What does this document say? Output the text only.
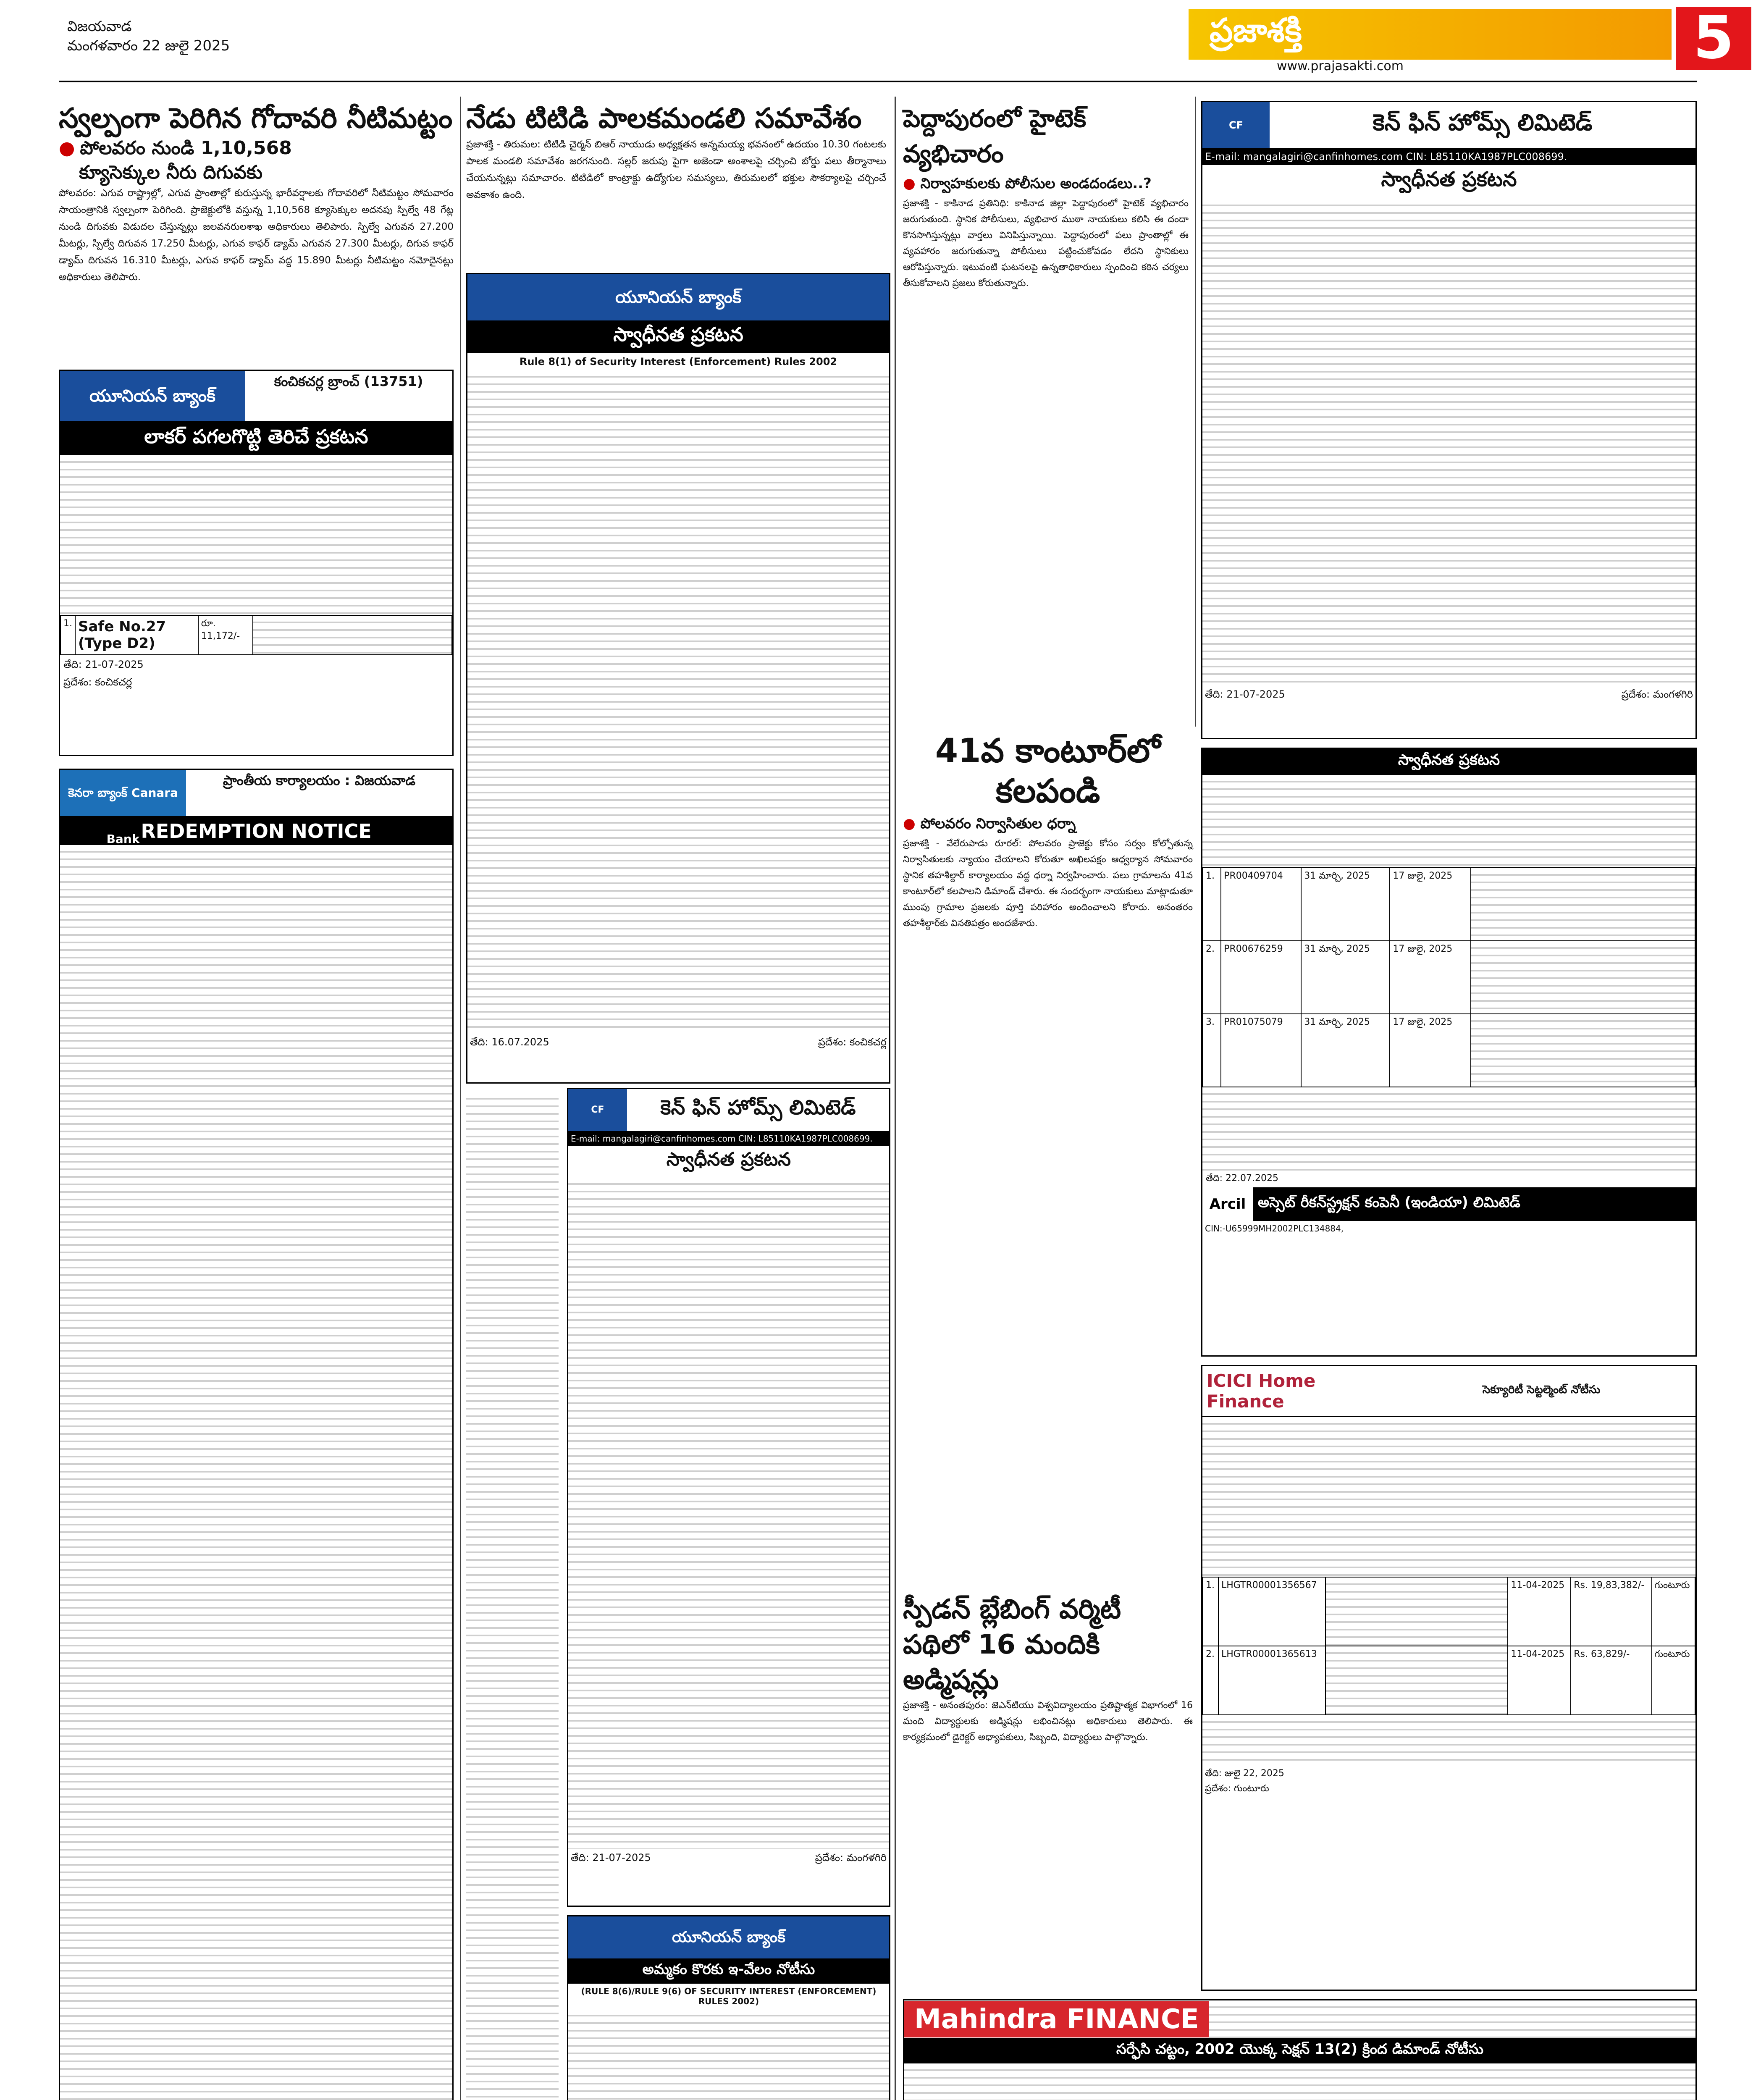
విజయవాడ
మంగళవారం 22 జులై 2025	ప్రజాశక్తి
www.prajasakti.com	5
స్వల్పంగా పెరిగిన గోదావరి నీటిమట్టం
● పోలవరం నుండి 1,10,568
క్యూసెక్కుల నీరు దిగువకు
పోలవరం: ఎగువ రాష్ట్రాల్లో, ఎగువ ప్రాంతాల్లో కురుస్తున్న భారీవర్షాలకు గోదావరిలో నీటిమట్టం సోమవారం సాయంత్రానికి స్వల్పంగా పెరిగింది. ప్రాజెక్టులోకి వస్తున్న 1,10,568 క్యూసెక్కుల అదనపు స్పిల్వే 48 గేట్ల నుండి దిగువకు విడుదల చేస్తున్నట్లు జలవనరులశాఖ అధికారులు తెలిపారు. స్పిల్వే ఎగువన 27.200 మీటర్లు, స్పిల్వే దిగువన 17.250 మీటర్లు, ఎగువ కాఫర్ డ్యామ్ ఎగువన 27.300 మీటర్లు, దిగువ కాఫర్ డ్యామ్ దిగువన 16.310 మీటర్లు, ఎగువ కాఫర్ డ్యామ్ వద్ద 15.890 మీటర్లు నీటిమట్టం నమోదైనట్లు అధికారులు తెలిపారు.
యూనియన్ బ్యాంక్
కంచికచర్ల బ్రాంచ్ (13751)
లాకర్ పగలగొట్టి తెరిచే ప్రకటన
1.	Safe No.27 (Type D2)	రూ. 11,172/-	
తేది: 21-07-2025
ప్రదేశం: కంచికచర్ల
కెనరా బ్యాంక్ Canara Bank
ప్రాంతీయ కార్యాలయం : విజయవాడ
REDEMPTION NOTICE
నేడు టిటిడి పాలకమండలి సమావేశం
ప్రజాశక్తి - తిరుమల: టిటిడి చైర్మన్ బిఆర్ నాయుడు అధ్యక్షతన అన్నమయ్య భవనంలో ఉదయం 10.30 గంటలకు పాలక మండలి సమావేశం జరగనుంది. సల్లర్ జరుపు పైగా అజెండా అంశాలపై చర్చించి బోర్డు పలు తీర్మానాలు చేయనున్నట్లు సమాచారం. టిటిడిలో కాంట్రాక్టు ఉద్యోగుల సమస్యలు, తిరుమలలో భక్తుల సౌకర్యాలపై చర్చించే అవకాశం ఉంది.
యూనియన్ బ్యాంక్
స్వాధీనత ప్రకటన
Rule 8(1) of Security Interest (Enforcement) Rules 2002
తేది: 16.07.2025	ప్రదేశం: కంచికచర్ల
CF	కెన్ ఫిన్ హోమ్స్ లిమిటెడ్
E-mail: mangalagiri@canfinhomes.com CIN: L85110KA1987PLC008699.
స్వాధీనత ప్రకటన
తేది: 21-07-2025	ప్రదేశం: మంగళగిరి
యూనియన్ బ్యాంక్
అమ్మకం కొరకు ఇ-వేలం నోటీసు
(RULE 8(6)/RULE 9(6) OF SECURITY INTEREST (ENFORCEMENT) RULES 2002)
పెద్దాపురంలో హైటెక్ వ్యభిచారం
● నిర్వాహకులకు పోలీసుల అండదండలు..?
ప్రజాశక్తి - కాకినాడ ప్రతినిధి: కాకినాడ జిల్లా పెద్దాపురంలో హైటెక్ వ్యభిచారం జరుగుతుంది. స్థానిక పోలీసులు, వ్యభిచార ముఠా నాయకులు కలిసి ఈ దందా కొనసాగిస్తున్నట్లు వార్తలు వినిపిస్తున్నాయి. పెద్దాపురంలో పలు ప్రాంతాల్లో ఈ వ్యవహారం జరుగుతున్నా పోలీసులు పట్టించుకోవడం లేదని స్థానికులు ఆరోపిస్తున్నారు. ఇటువంటి ఘటనలపై ఉన్నతాధికారులు స్పందించి కఠిన చర్యలు తీసుకోవాలని ప్రజలు కోరుతున్నారు.
41వ కాంటూర్‌లో కలపండి
● పోలవరం నిర్వాసితుల ధర్నా
ప్రజాశక్తి - వేలేరుపాడు రూరల్: పోలవరం ప్రాజెక్టు కోసం సర్వం కోల్పోతున్న నిర్వాసితులకు న్యాయం చేయాలని కోరుతూ అఖిలపక్షం ఆధ్వర్యాన సోమవారం స్థానిక తహశీల్దార్ కార్యాలయం వద్ద ధర్నా నిర్వహించారు. పలు గ్రామాలను 41వ కాంటూర్‌లో కలపాలని డిమాండ్ చేశారు. ఈ సందర్భంగా నాయకులు మాట్లాడుతూ ముంపు గ్రామాల ప్రజలకు పూర్తి పరిహారం అందించాలని కోరారు. అనంతరం తహశీల్దార్‌కు వినతిపత్రం అందజేశారు.
స్పీడన్ బ్లేబింగ్ వర్మిటీ పథిలో 16 మందికి అడ్మిషన్లు
ప్రజాశక్తి - అనంతపురం: జెఎన్‌టియు విశ్వవిద్యాలయం ప్రతిష్టాత్మక విభాగంలో 16 మంది విద్యార్థులకు అడ్మిషన్లు లభించినట్లు అధికారులు తెలిపారు. ఈ కార్యక్రమంలో డైరెక్టర్ అధ్యాపకులు, సిబ్బంది, విద్యార్థులు పాల్గొన్నారు.
CF	కెన్ ఫిన్ హోమ్స్ లిమిటెడ్
E-mail: mangalagiri@canfinhomes.com CIN: L85110KA1987PLC008699.
స్వాధీనత ప్రకటన
తేది: 21-07-2025	ప్రదేశం: మంగళగిరి
స్వాధీనత ప్రకటన
1.	PR00409704	31 మార్చి, 2025	17 జులై, 2025	
2.	PR00676259	31 మార్చి, 2025	17 జులై, 2025	
3.	PR01075079	31 మార్చి, 2025	17 జులై, 2025	
తేది: 22.07.2025
Arcil అస్సెట్ రీకన్‌స్ట్రక్షన్ కంపెనీ (ఇండియా) లిమిటెడ్
CIN:-U65999MH2002PLC134884,
ICICI Home Finance
సెక్యూరిటీ సెట్టల్మెంట్ నోటీసు
1.	LHGTR00001356567		11-04-2025	Rs. 19,83,382/-	గుంటూరు
2.	LHGTR00001365613		11-04-2025	Rs. 63,829/-	గుంటూరు
తేది: జులై 22, 2025
ప్రదేశం: గుంటూరు
Mahindra FINANCE
సర్ఫేసి చట్టం, 2002 యొక్క సెక్షన్ 13(2) క్రింద డిమాండ్ నోటీసు
